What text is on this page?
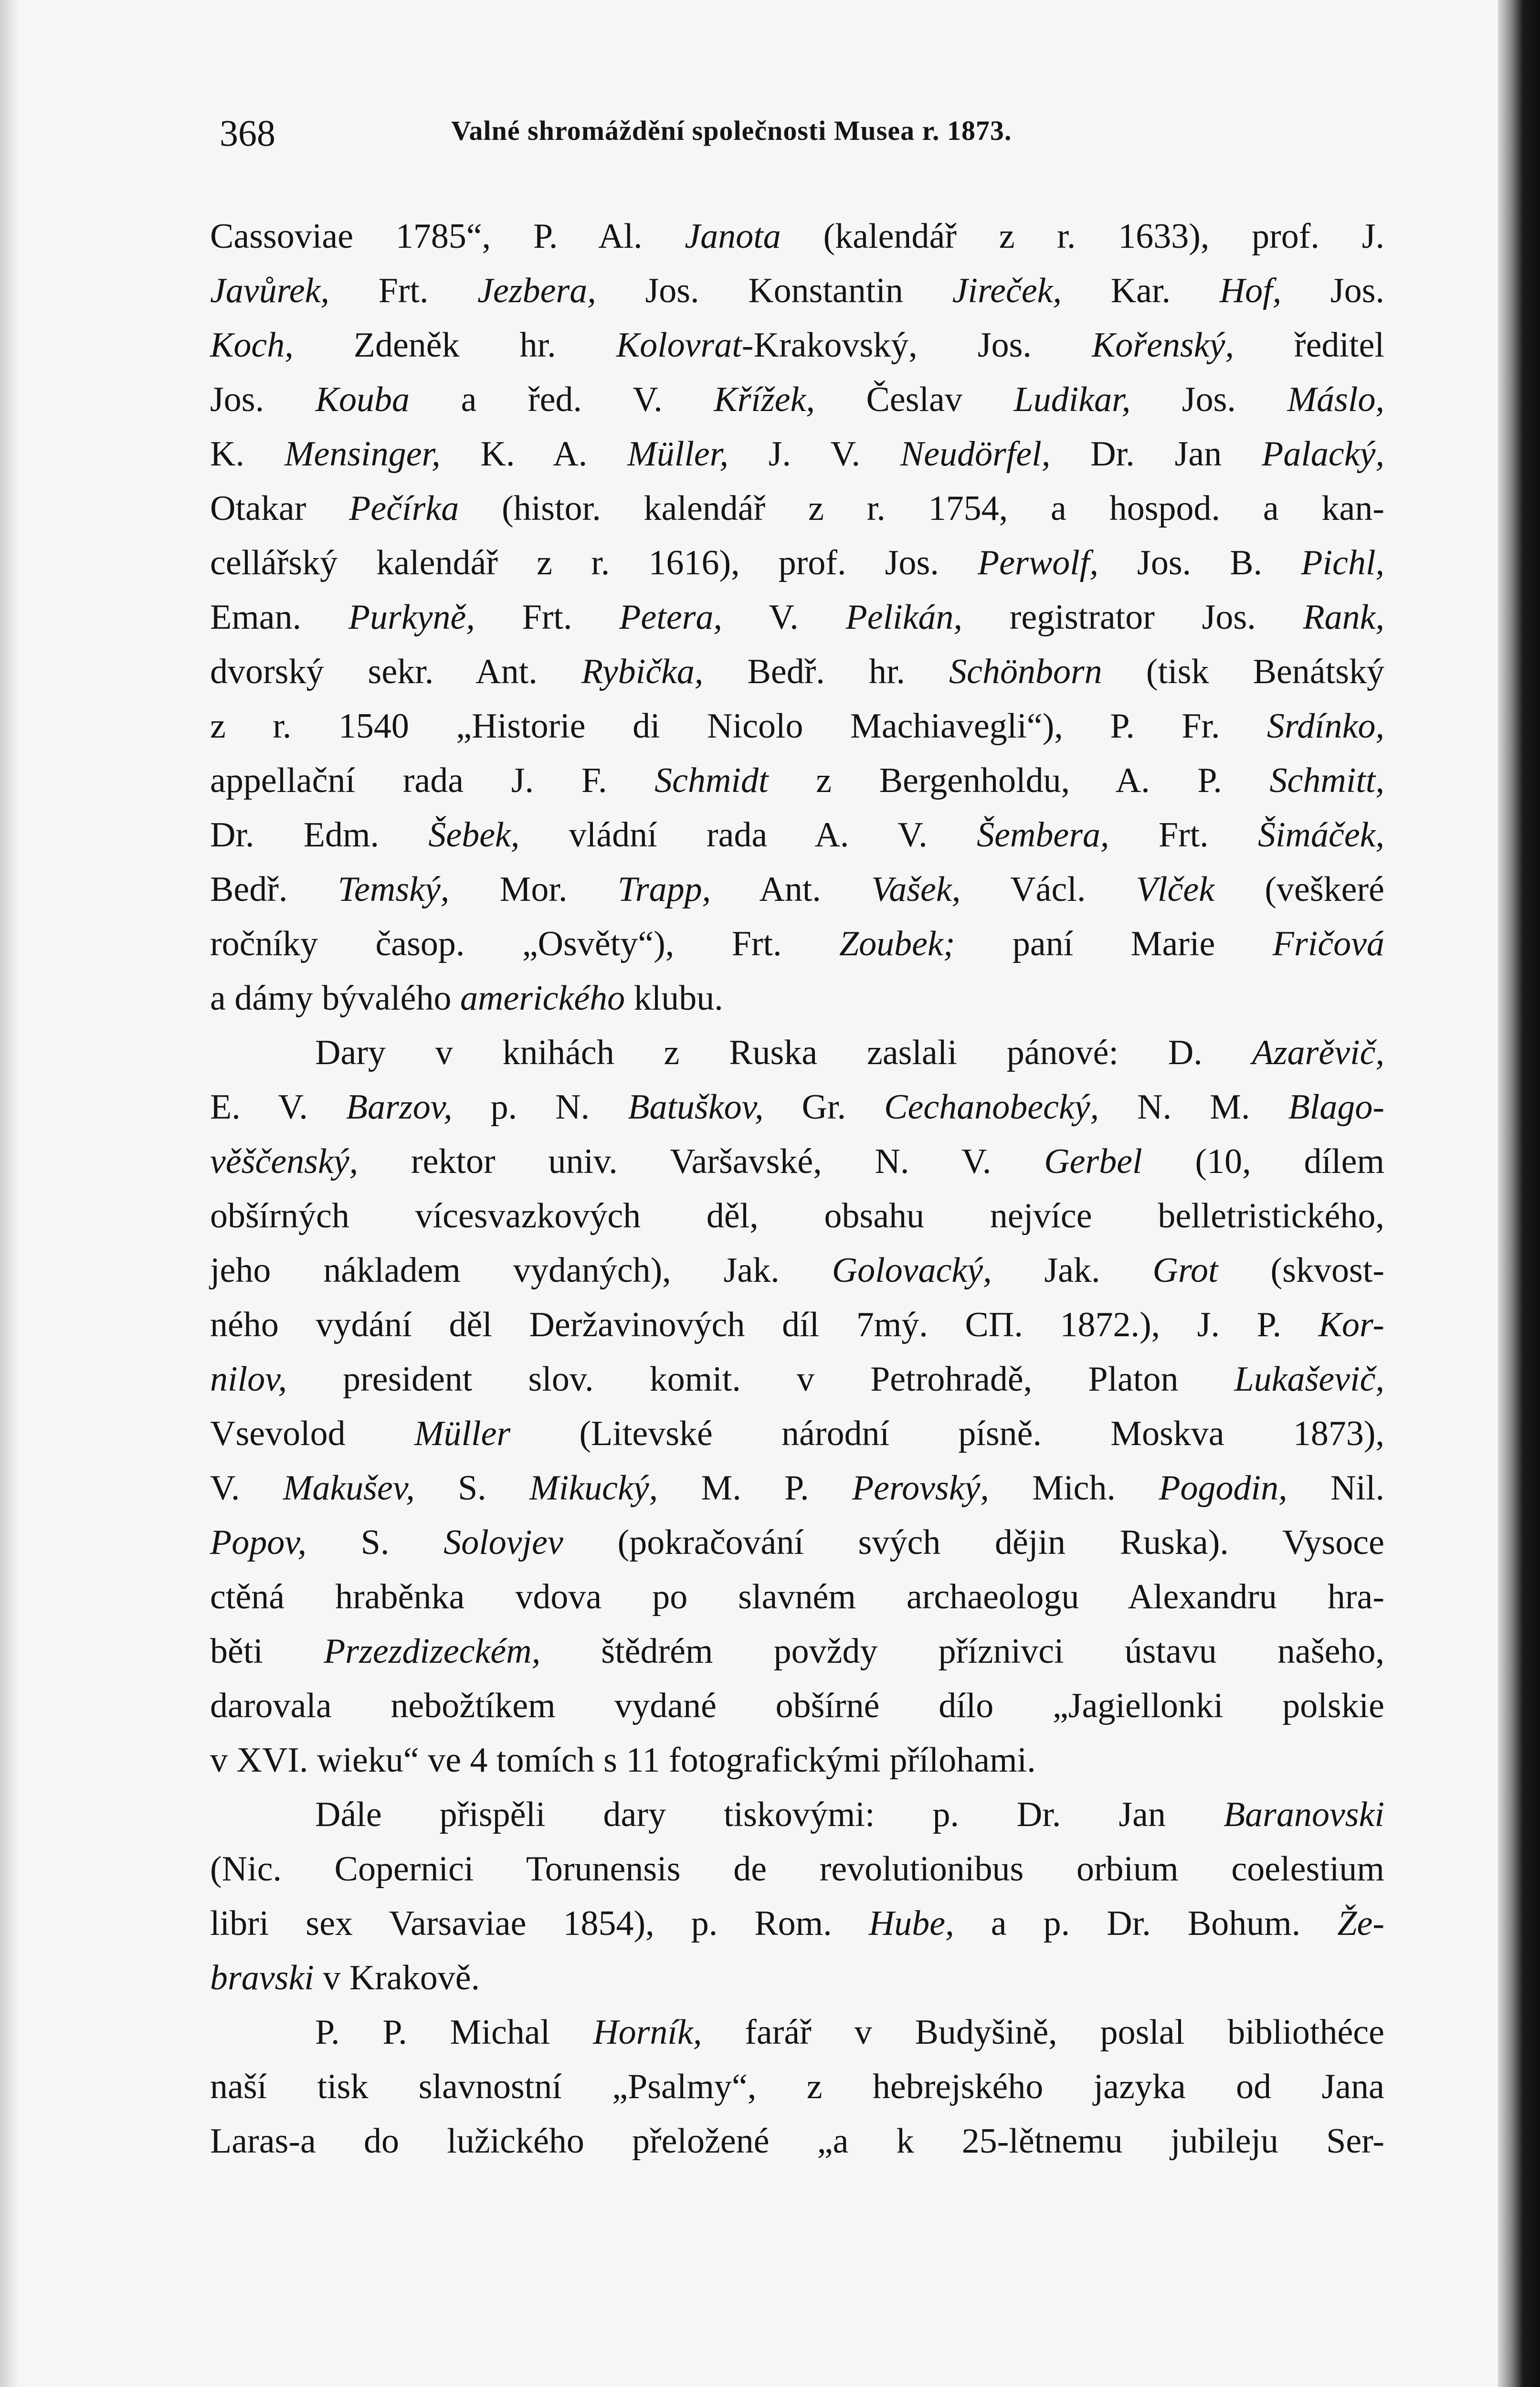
368	Valné shromáždění společnosti Musea r. 1873.
Cassoviae 1785“, P. Al. Janota (kalendář z r. 1633), prof. J.
Javůrek, Frt. Jezbera, Jos. Konstantin Jireček, Kar. Hof, Jos.
Koch, Zdeněk hr. Kolovrat-Krakovský, Jos. Kořenský, ředitel
Jos. Kouba a řed. V. Křížek, Česlav Ludikar, Jos. Máslo,
K. Mensinger, K. A. Müller, J. V. Neudörfel, Dr. Jan Palacký,
Otakar Pečírka (histor. kalendář z r. 1754, a hospod. a kan-
cellářský kalendář z r. 1616), prof. Jos. Perwolf, Jos. B. Pichl,
Eman. Purkyně, Frt. Petera, V. Pelikán, registrator Jos. Rank,
dvorský sekr. Ant. Rybička, Bedř. hr. Schönborn (tisk Benátský
z r. 1540 „Historie di Nicolo Machiavegli“), P. Fr. Srdínko,
appellační rada J. F. Schmidt z Bergenholdu, A. P. Schmitt,
Dr. Edm. Šebek, vládní rada A. V. Šembera, Frt. Šimáček,
Bedř. Temský, Mor. Trapp, Ant. Vašek, Václ. Vlček (veškeré
ročníky časop. „Osvěty“), Frt. Zoubek; paní Marie Fričová
a dámy bývalého amerického klubu.
Dary v knihách z Ruska zaslali pánové: D. Azarěvič,
E. V. Barzov, p. N. Batuškov, Gr. Cechanobecký, N. M. Blago-
věščenský, rektor univ. Varšavské, N. V. Gerbel (10, dílem
obšírných vícesvazkových děl, obsahu nejvíce belletristického,
jeho nákladem vydaných), Jak. Golovacký, Jak. Grot (skvost-
ného vydání děl Deržavinových díl 7mý. СП. 1872.), J. P. Kor-
nilov, president slov. komit. v Petrohradě, Platon Lukaševič,
Vsevolod Müller (Litevské národní písně. Moskva 1873),
V. Makušev, S. Mikucký, M. P. Perovský, Mich. Pogodin, Nil.
Popov, S. Solovjev (pokračování svých dějin Ruska). Vysoce
ctěná hraběnka vdova po slavném archaeologu Alexandru hra-
běti Przezdizeckém, štědrém povždy příznivci ústavu našeho,
darovala nebožtíkem vydané obšírné dílo „Jagiellonki polskie
v XVI. wieku“ ve 4 tomích s 11 fotografickými přílohami.
Dále přispěli dary tiskovými: p. Dr. Jan Baranovski
(Nic. Copernici Torunensis de revolutionibus orbium coelestium
libri sex Varsaviae 1854), p. Rom. Hube, a p. Dr. Bohum. Že-
bravski v Krakově.
P. P. Michal Horník, farář v Budyšině, poslal bibliothéce
naší tisk slavnostní „Psalmy“, z hebrejského jazyka od Jana
Laras-a do lužického přeložené „a k 25-lětnemu jubileju Ser-
